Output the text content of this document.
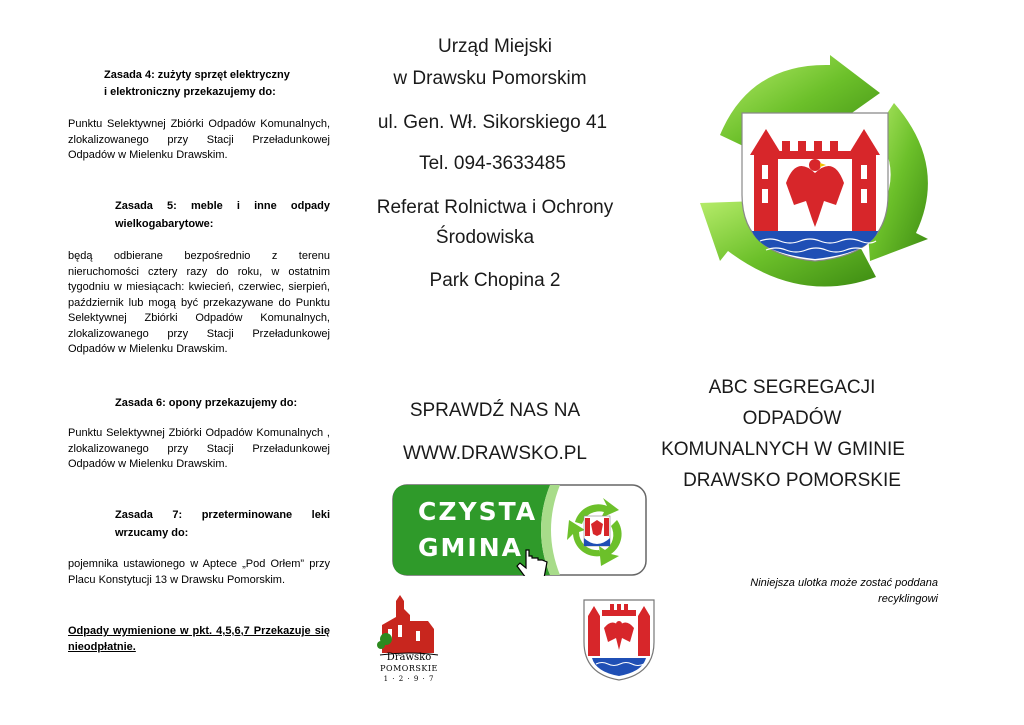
Zasada 4: zużyty sprzęt elektryczny
i elektroniczny przekazujemy do:
Punktu Selektywnej Zbiórki Odpadów Komunalnych, zlokalizowanego przy Stacji Przeładunkowej Odpadów w Mielenku Drawskim.
Zasada 5: meble i inne odpady wielkogabarytowe:
będą odbierane bezpośrednio z terenu nieruchomości cztery razy do roku, w ostatnim tygodniu w miesiącach: kwiecień, czerwiec, sierpień, październik lub mogą być przekazywane do Punktu Selektywnej Zbiórki Odpadów Komunalnych, zlokalizowanego przy Stacji Przeładunkowej Odpadów w Mielenku Drawskim.
Zasada 6: opony przekazujemy do:
Punktu Selektywnej Zbiórki Odpadów Komunalnych , zlokalizowanego przy Stacji Przeładunkowej Odpadów w Mielenku Drawskim.
Zasada 7: przeterminowane leki wrzucamy do:
pojemnika ustawionego w Aptece „Pod Orłem” przy Placu Konstytucji 13 w Drawsku Pomorskim.
Odpady wymienione w pkt. 4,5,6,7 Przekazuje się nieodpłatnie.
Urząd Miejski
w Drawsku Pomorskim
ul. Gen. Wł. Sikorskiego 41
Tel. 094-3633485
Referat Rolnictwa i Ochrony
Środowiska
Park Chopina 2
SPRAWDŹ NAS NA
WWW.DRAWSKO.PL
CZYSTA
GMINA
Drawsko
POMORSKIE
1 · 2 · 9 · 7
ABC SEGREGACJI ODPADÓW
KOMUNALNYCH W GMINIE
DRAWSKO POMORSKIE
Niniejsza ulotka może zostać poddana
recyklingowi
